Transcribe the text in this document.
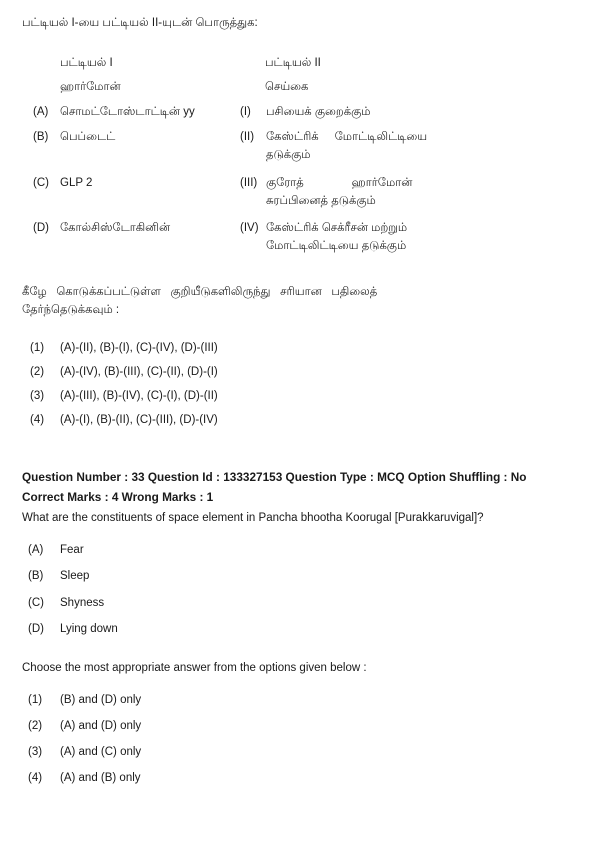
பட்டியல் I-யை பட்டியல் II-யுடன் பொருத்துக:
பட்டியல் I
ஹார்மோன்
பட்டியல் II
செய்கை
(A) சொமட்டோஸ்டாட்டின் yy
(B) பெப்டைட்
(C) GLP 2
(D) கோல்சிஸ்டோகினின்
(I) பசியைக் குறைக்கும்
(II) கேஸ்ட்ரிக்     மோட்டிலிட்டியை
தடுக்கும்
(III) குரோத்               ஹார்மோன்
சுரப்பினைத் தடுக்கும்
(IV) கேஸ்ட்ரிக் செக்ரீசன் மற்றும்
மோட்டிலிட்டியை தடுக்கும்
கீழே   கொடுக்கப்பட்டுள்ள   குறியீடுகளிலிருந்து   சரியான   பதிலைத்
தேர்ந்தெடுக்கவும் :
(1) (A)-(II), (B)-(I), (C)-(IV), (D)-(III)
(2) (A)-(IV), (B)-(III), (C)-(II), (D)-(I)
(3) (A)-(III), (B)-(IV), (C)-(I), (D)-(II)
(4) (A)-(I), (B)-(II), (C)-(III), (D)-(IV)
Question Number : 33 Question Id : 133327153 Question Type : MCQ Option Shuffling : No
Correct Marks : 4 Wrong Marks : 1
What are the constituents of space element in Pancha bhootha Koorugal [Purakkaruvigal]?
(A) Fear
(B) Sleep
(C) Shyness
(D) Lying down
Choose the most appropriate answer from the options given below :
(1) (B) and (D) only
(2) (A) and (D) only
(3) (A) and (C) only
(4) (A) and (B) only
